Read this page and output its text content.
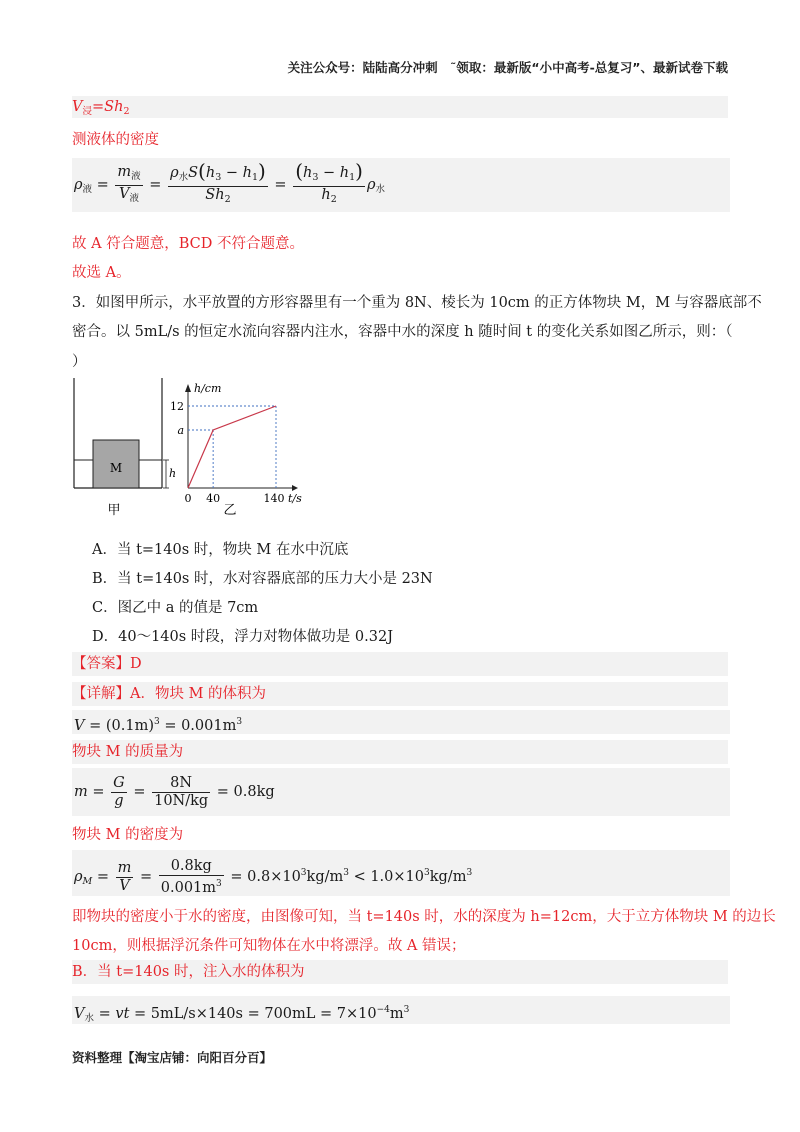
关注公众号：陆陆高分冲刺　˜领取：最新版“小中高考-总复习”、最新试卷下载
资料整理【淘宝店铺：向阳百分百】
$V_浸=Sh_2$
测液体的密度
$\rho_液 = \frac{m_液}{V_液} = \frac{\rho_水S(h_3 - h_1)}{Sh_2} = \frac{(h_3 - h_1)}{h_2} \rho_水$
故 A 符合题意，BCD 不符合题意。
故选 A。
3．如图甲所示，水平放置的方形容器里有一个重为 8N、棱长为 10cm 的正方体物块 M，M 与容器底部不
密合。以 5mL/s 的恒定水流向容器内注水，容器中水的深度 h 随时间 t 的变化关系如图乙所示，则：（
）
M	h
甲
0 40	140
a
12
t/s
h/cm
乙
A．当 t=140s 时，物块 M 在水中沉底
B．当 t=140s 时，水对容器底部的压力大小是 23N
C．图乙中 a 的值是 7cm
D．40～140s 时段，浮力对物体做功是 0.32J
【答案】D
【详解】A．物块 M 的体积为
$V = (0.1m)^3 = 0.001m^3$
物块 M 的质量为
$m = \frac{G}{g} = \frac{8N}{10N/kg} = 0.8kg$
物块 M 的密度为
$\rho_M = \frac{m}{V} = \frac{0.8kg}{0.001m^3} = 0.8\times 10^3kg/m^3 < 1.0\times 10^3kg/m^3$
即物块的密度小于水的密度，由图像可知，当 t=140s 时，水的深度为 h=12cm，大于立方体物块 M 的边长
10cm，则根据浮沉条件可知物体在水中将漂浮。故 A 错误；
B．当 t=140s 时，注入水的体积为
$V_水$ = vt = $5mL/s\times 140s = 700mL = 7\times 10^{-4}m^3$
